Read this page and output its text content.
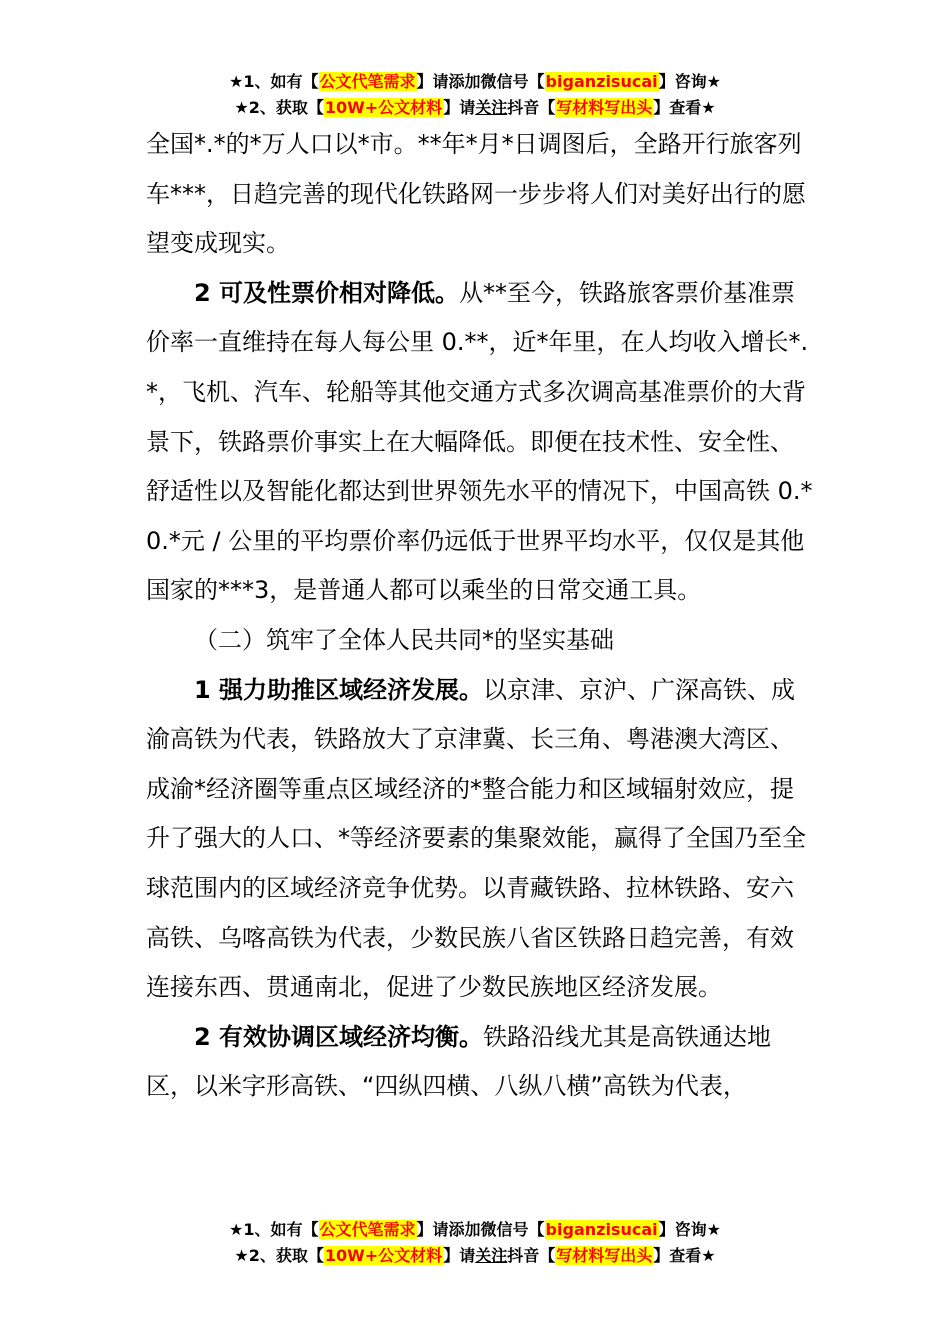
★1、如有【公文代笔需求】请添加微信号【biganzisucai】咨询★
★2、获取【10W+公文材料】请关注抖音【写材料写出头】查看★

全国*.*的*万人口以*市。**年*月*日调图后，全路开行旅客列车***，日趋完善的现代化铁路网一步步将人们对美好出行的愿望变成现实。

2 可及性票价相对降低。从**至今，铁路旅客票价基准票价率一直维持在每人每公里 0.**，近*年里，在人均收入增长*.*，飞机、汽车、轮船等其他交通方式多次调高基准票价的大背景下，铁路票价事实上在大幅降低。即便在技术性、安全性、舒适性以及智能化都达到世界领先水平的情况下，中国高铁 0.*0.*元 / 公里的平均票价率仍远低于世界平均水平，仅仅是其他国家的***3，是普通人都可以乘坐的日常交通工具。

（二）筑牢了全体人民共同*的坚实基础

1 强力助推区域经济发展。以京津、京沪、广深高铁、成渝高铁为代表，铁路放大了京津冀、长三角、粤港澳大湾区、成渝*经济圈等重点区域经济的*整合能力和区域辐射效应，提升了强大的人口、*等经济要素的集聚效能，赢得了全国乃至全球范围内的区域经济竞争优势。以青藏铁路、拉林铁路、安六高铁、乌喀高铁为代表，少数民族八省区铁路日趋完善，有效连接东西、贯通南北，促进了少数民族地区经济发展。

2 有效协调区域经济均衡。铁路沿线尤其是高铁通达地区，以米字形高铁、“四纵四横、八纵八横”高铁为代表，

★1、如有【公文代笔需求】请添加微信号【biganzisucai】咨询★
★2、获取【10W+公文材料】请关注抖音【写材料写出头】查看★
